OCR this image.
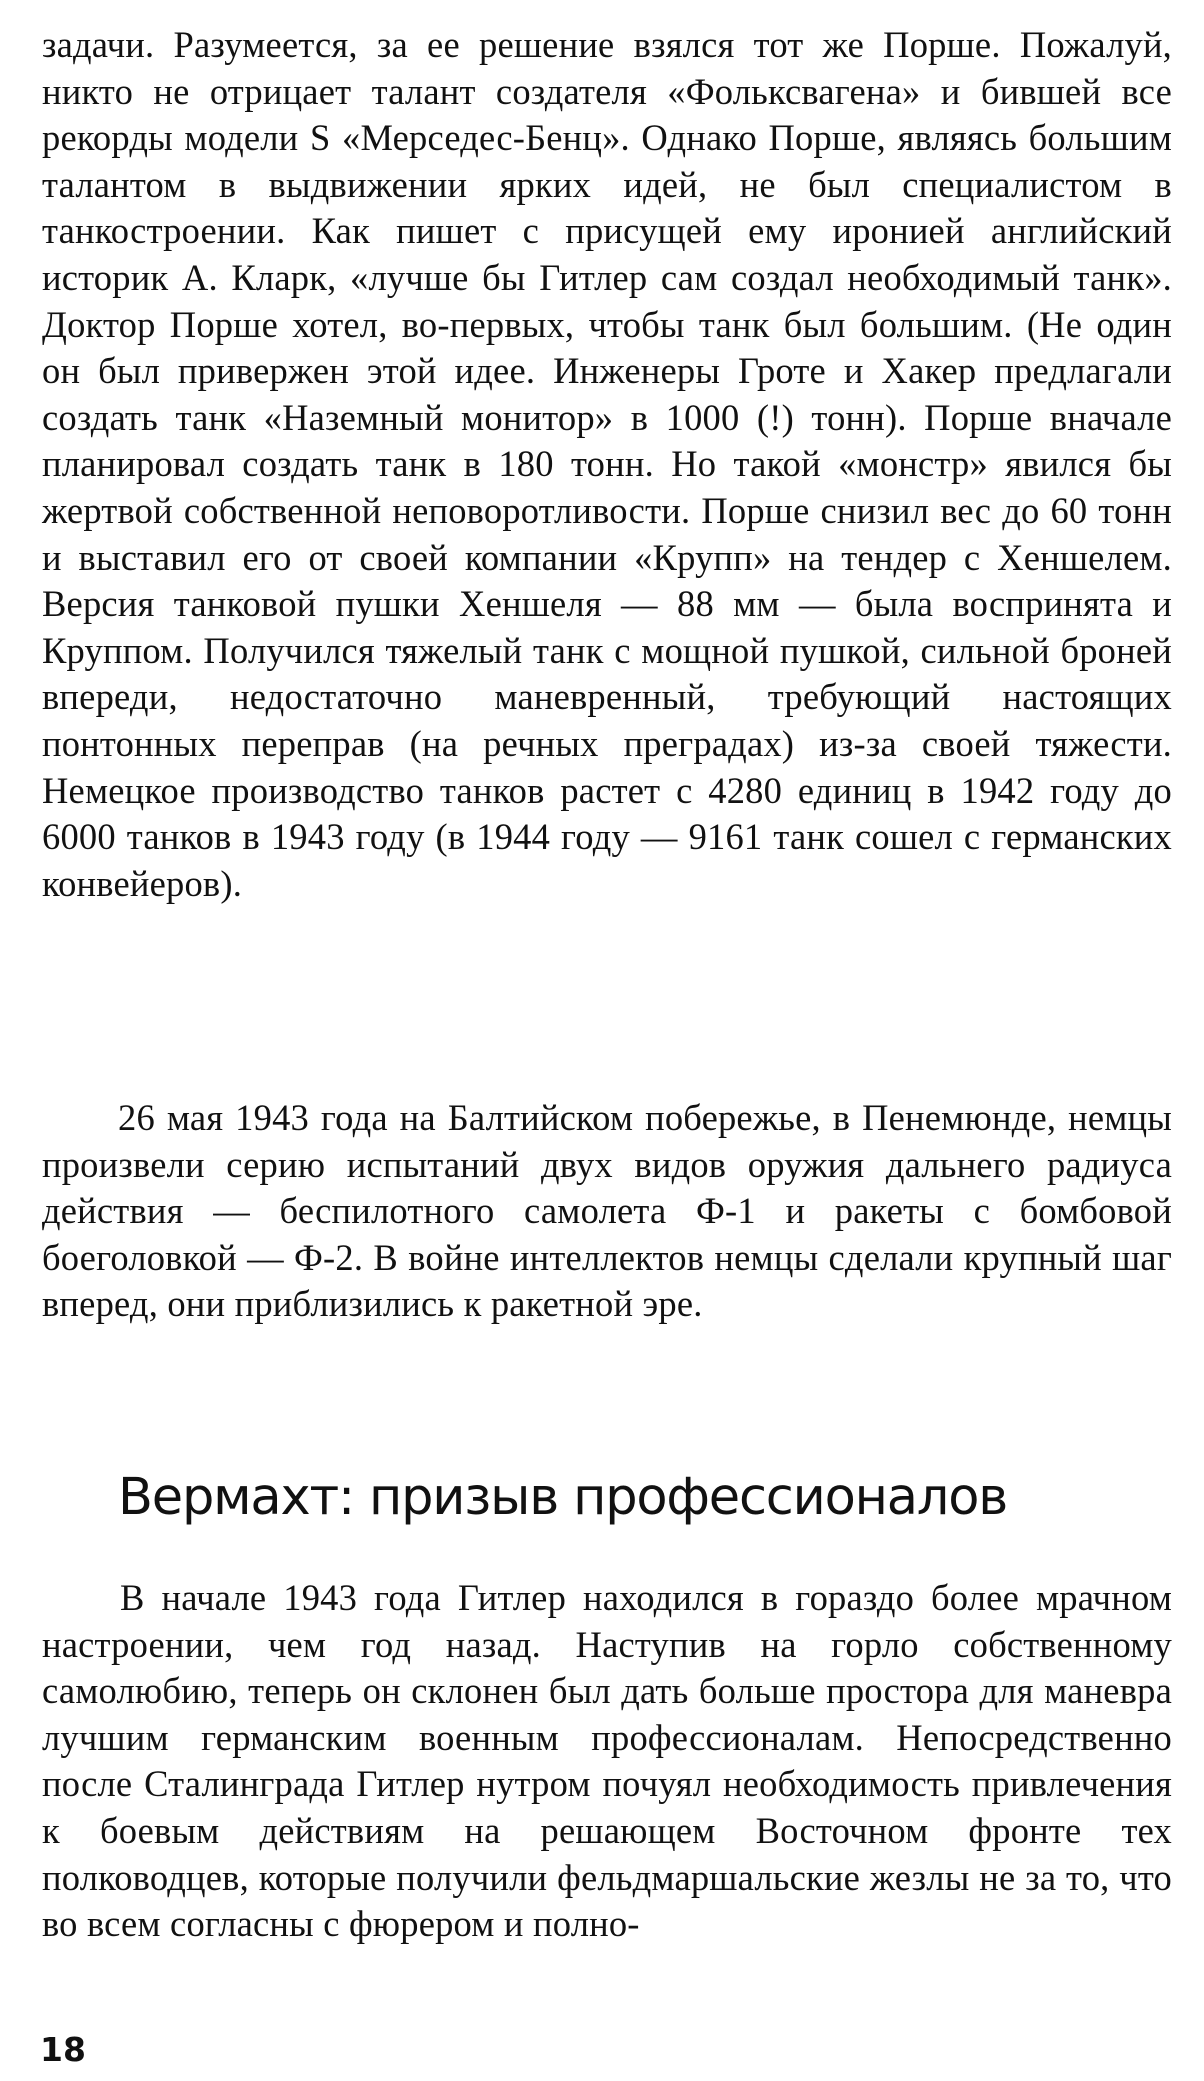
задачи. Разумеется, за ее решение взялся тот же Порше. Пожалуй, никто не отрицает талант создателя «Фольксвагена» и бившей все рекорды модели S «Мерседес-Бенц». Однако Порше, являясь большим талантом в выдвижении ярких идей, не был специалистом в танкостроении. Как пишет с присущей ему иронией английский историк А. Кларк, «лучше бы Гитлер сам создал необходимый танк». Доктор Порше хотел, во-первых, чтобы танк был большим. (Не один он был привержен этой идее. Инженеры Гроте и Хакер предлагали создать танк «Наземный монитор» в 1000 (!) тонн). Порше вначале планировал создать танк в 180 тонн. Но такой «монстр» явился бы жертвой собственной неповоротливости. Порше снизил вес до 60 тонн и выставил его от своей компании «Крупп» на тендер с Хеншелем. Версия танковой пушки Хеншеля — 88 мм — была воспринята и Круппом. Получился тяжелый танк с мощной пушкой, сильной броней впереди, недостаточно маневренный, требующий настоящих понтонных переправ (на речных преградах) из-за своей тяжести. Немецкое производство танков растет с 4280 единиц в 1942 году до 6000 танков в 1943 году (в 1944 году — 9161 танк сошел с германских конвейеров).

26 мая 1943 года на Балтийском побережье, в Пенемюнде, немцы произвели серию испытаний двух видов оружия дальнего радиуса действия — беспилотного самолета Ф-1 и ракеты с бомбовой боеголовкой — Ф-2. В войне интеллектов немцы сделали крупный шаг вперед, они приблизились к ракетной эре.

Вермахт: призыв профессионалов

В начале 1943 года Гитлер находился в гораздо более мрачном настроении, чем год назад. Наступив на горло собственному самолюбию, теперь он склонен был дать больше простора для маневра лучшим германским военным профессионалам. Непосредственно после Сталинграда Гитлер нутром почуял необходимость привлечения к боевым действиям на решающем Восточном фронте тех полководцев, которые получили фельдмаршальские жезлы не за то, что во всем согласны с фюрером и полно-

18
